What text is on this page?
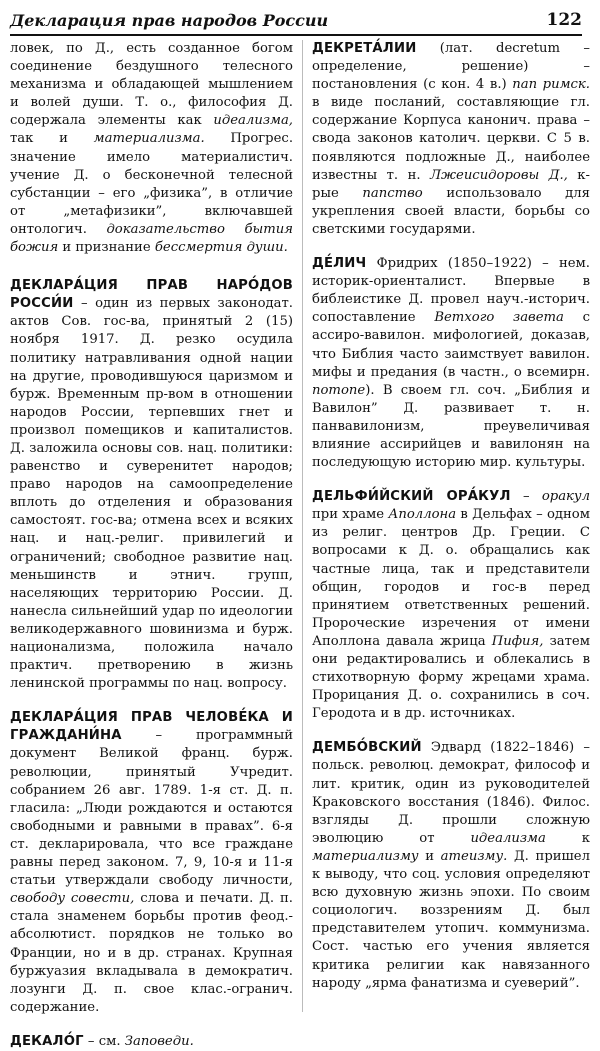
Декларация прав народов России	122

ловек, по Д., есть созданное богом соединение бездушного телесного механизма и обладающей мышлением и волей души. Т. о., философия Д. содержала элементы как идеализма, так и материализма. Прогрес. значение имело материалистич. учение Д. о бесконечной телесной субстанции – его „физика”, в отличие от „метафизики”, включавшей онтологич. доказательство бытия божия и признание бессмертия души.

ДЕКЛАРА́ЦИЯ ПРАВ НАРО́ДОВ РОССИ́И – один из первых законодат. актов Сов. гос-ва, принятый 2 (15) ноября 1917. Д. резко осудила политику натравливания одной нации на другие, проводившуюся царизмом и бурж. Временным пр-вом в отношении народов России, терпевших гнет и произвол помещиков и капиталистов. Д. заложила основы сов. нац. политики: равенство и суверенитет народов; право народов на самоопределение вплоть до отделения и образования самостоят. гос-ва; отмена всех и всяких нац. и нац.-религ. привилегий и ограничений; свободное развитие нац. меньшинств и этнич. групп, населяющих территорию России. Д. нанесла сильнейший удар по идеологии великодержавного шовинизма и бурж. национализма, положила начало практич. претворению в жизнь ленинской программы по нац. вопросу.

ДЕКЛАРА́ЦИЯ ПРАВ ЧЕЛОВЕ́КА И ГРАЖДАНИ́НА – программный документ Великой франц. бурж. революции, принятый Учредит. собранием 26 авг. 1789. 1-я ст. Д. п. гласила: „Люди рождаются и остаются свободными и равными в правах”. 6-я ст. декларировала, что все граждане равны перед законом. 7, 9, 10-я и 11-я статьи утверждали свободу личности, свободу совести, слова и печати. Д. п. стала знаменем борьбы против феод.-абсолютист. порядков не только во Франции, но и в др. странах. Крупная буржуазия вкладывала в демократич. лозунги Д. п. свое клас.-огранич. содержание.

ДЕКАЛО́Г – см. Заповеди.

ДЕКРЕТА́ЛИИ (лат. decretum – определение, решение) – постановления (с кон. 4 в.) пап римск. в виде посланий, составляющие гл. содержание Корпуса канонич. права – свода законов католич. церкви. С 5 в. появляются подложные Д., наиболее известны т. н. Лжеисидоровы Д., к-рые папство использовало для укрепления своей власти, борьбы со светскими государями.

ДЕ́ЛИЧ Фридрих (1850–1922) – нем. историк-ориенталист. Впервые в библеистике Д. провел науч.-историч. сопоставление Ветхого завета с ассиро-вавилон. мифологией, доказав, что Библия часто заимствует вавилон. мифы и предания (в частн., о всемирн. потопе). В своем гл. соч. „Библия и Вавилон” Д. развивает т. н. панвавилонизм, преувеличивая влияние ассирийцев и вавилонян на последующую историю мир. культуры.

ДЕЛЬФИ́ЙСКИЙ ОРА́КУЛ – оракул при храме Аполлона в Дельфах – одном из религ. центров Др. Греции. С вопросами к Д. о. обращались как частные лица, так и представители общин, городов и гос-в перед принятием ответственных решений. Пророческие изречения от имени Аполлона давала жрица Пифия, затем они редактировались и облекались в стихотворную форму жрецами храма. Прорицания Д. о. сохранились в соч. Геродота и в др. источниках.

ДЕМБО́ВСКИЙ Эдвард (1822–1846) – польск. революц. демократ, философ и лит. критик, один из руководителей Краковского восстания (1846). Филос. взгляды Д. прошли сложную эволюцию от идеализма к материализму и атеизму. Д. пришел к выводу, что соц. условия определяют всю духовную жизнь эпохи. По своим социологич. воззрениям Д. был представителем утопич. коммунизма. Сост. частью его учения является критика религии как навязанного народу „ярма фанатизма и суеверий”.
